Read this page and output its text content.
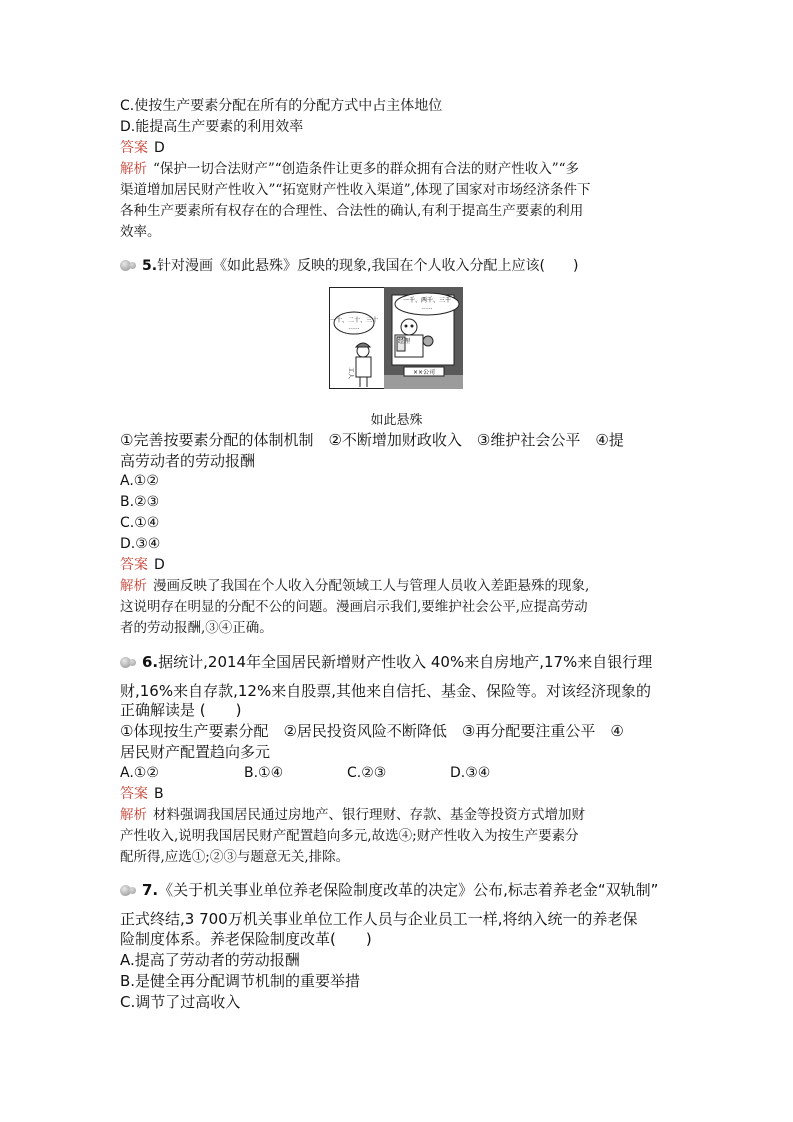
C.使按生产要素分配在所有的分配方式中占主体地位
D.能提高生产要素的利用效率
答案 D
解析 “保护一切合法财产”“创造条件让更多的群众拥有合法的财产性收入”“多
渠道增加居民财产性收入”“拓宽财产性收入渠道”,体现了国家对市场经济条件下
各种生产要素所有权存在的合理性、合法性的确认,有利于提高生产要素的利用
效率。
5.针对漫画《如此悬殊》反映的现象,我国在个人收入分配上应该(　　)
一千、两千、三千
......
经理
××公司
一十、二十、三十
......
工人
如此悬殊
①完善按要素分配的体制机制　②不断增加财政收入　③维护社会公平　④提
高劳动者的劳动报酬
A.①②
B.②③
C.①④
D.③④
答案 D
解析 漫画反映了我国在个人收入分配领域工人与管理人员收入差距悬殊的现象,
这说明存在明显的分配不公的问题。漫画启示我们,要维护社会公平,应提高劳动
者的劳动报酬,③④正确。
6.据统计,2014年全国居民新增财产性收入 40%来自房地产,17%来自银行理
财,16%来自存款,12%来自股票,其他来自信托、基金、保险等。对该经济现象的
正确解读是 (　　)
①体现按生产要素分配　②居民投资风险不断降低　③再分配要注重公平　④
居民财产配置趋向多元
A.①②	B.①④	C.②③	D.③④
答案 B
解析 材料强调我国居民通过房地产、银行理财、存款、基金等投资方式增加财
产性收入,说明我国居民财产配置趋向多元,故选④;财产性收入为按生产要素分
配所得,应选①;②③与题意无关,排除。
7.《关于机关事业单位养老保险制度改革的决定》公布,标志着养老金“双轨制”
正式终结,3 700万机关事业单位工作人员与企业员工一样,将纳入统一的养老保
险制度体系。养老保险制度改革(　　)
A.提高了劳动者的劳动报酬
B.是健全再分配调节机制的重要举措
C.调节了过高收入
